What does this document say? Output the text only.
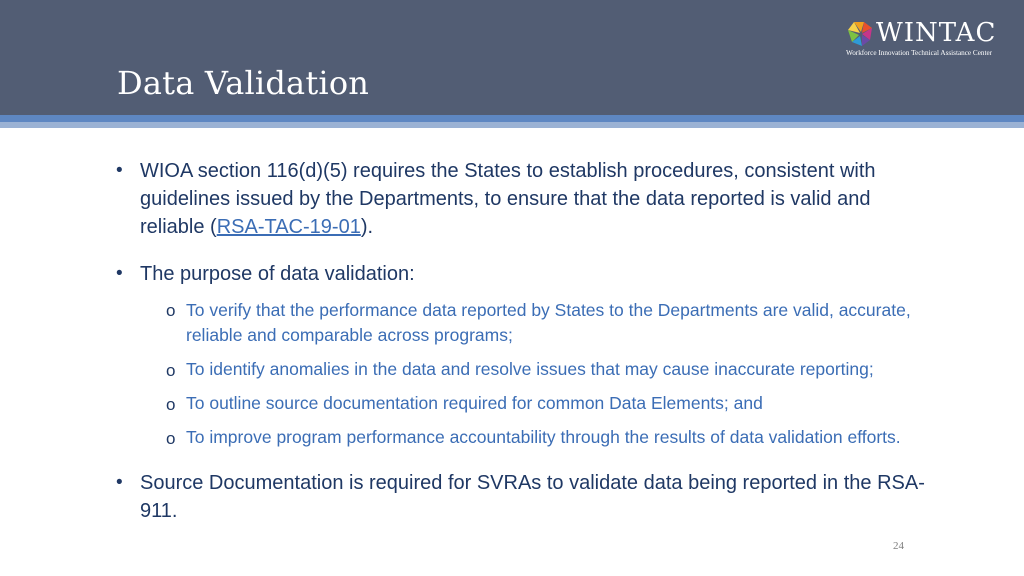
Data Validation
WINTAC
Workforce Innovation Technical Assistance Center
• WIOA section 116(d)(5) requires the States to establish procedures, consistent with guidelines issued by the Departments, to ensure that the data reported is valid and reliable (RSA-TAC-19-01).
• The purpose of data validation:
o To verify that the performance data reported by States to the Departments are valid, accurate, reliable and comparable across programs;
o To identify anomalies in the data and resolve issues that may cause inaccurate reporting;
o To outline source documentation required for common Data Elements; and
o To improve program performance accountability through the results of data validation efforts.
• Source Documentation is required for SVRAs to validate data being reported in the RSA-911.
24
